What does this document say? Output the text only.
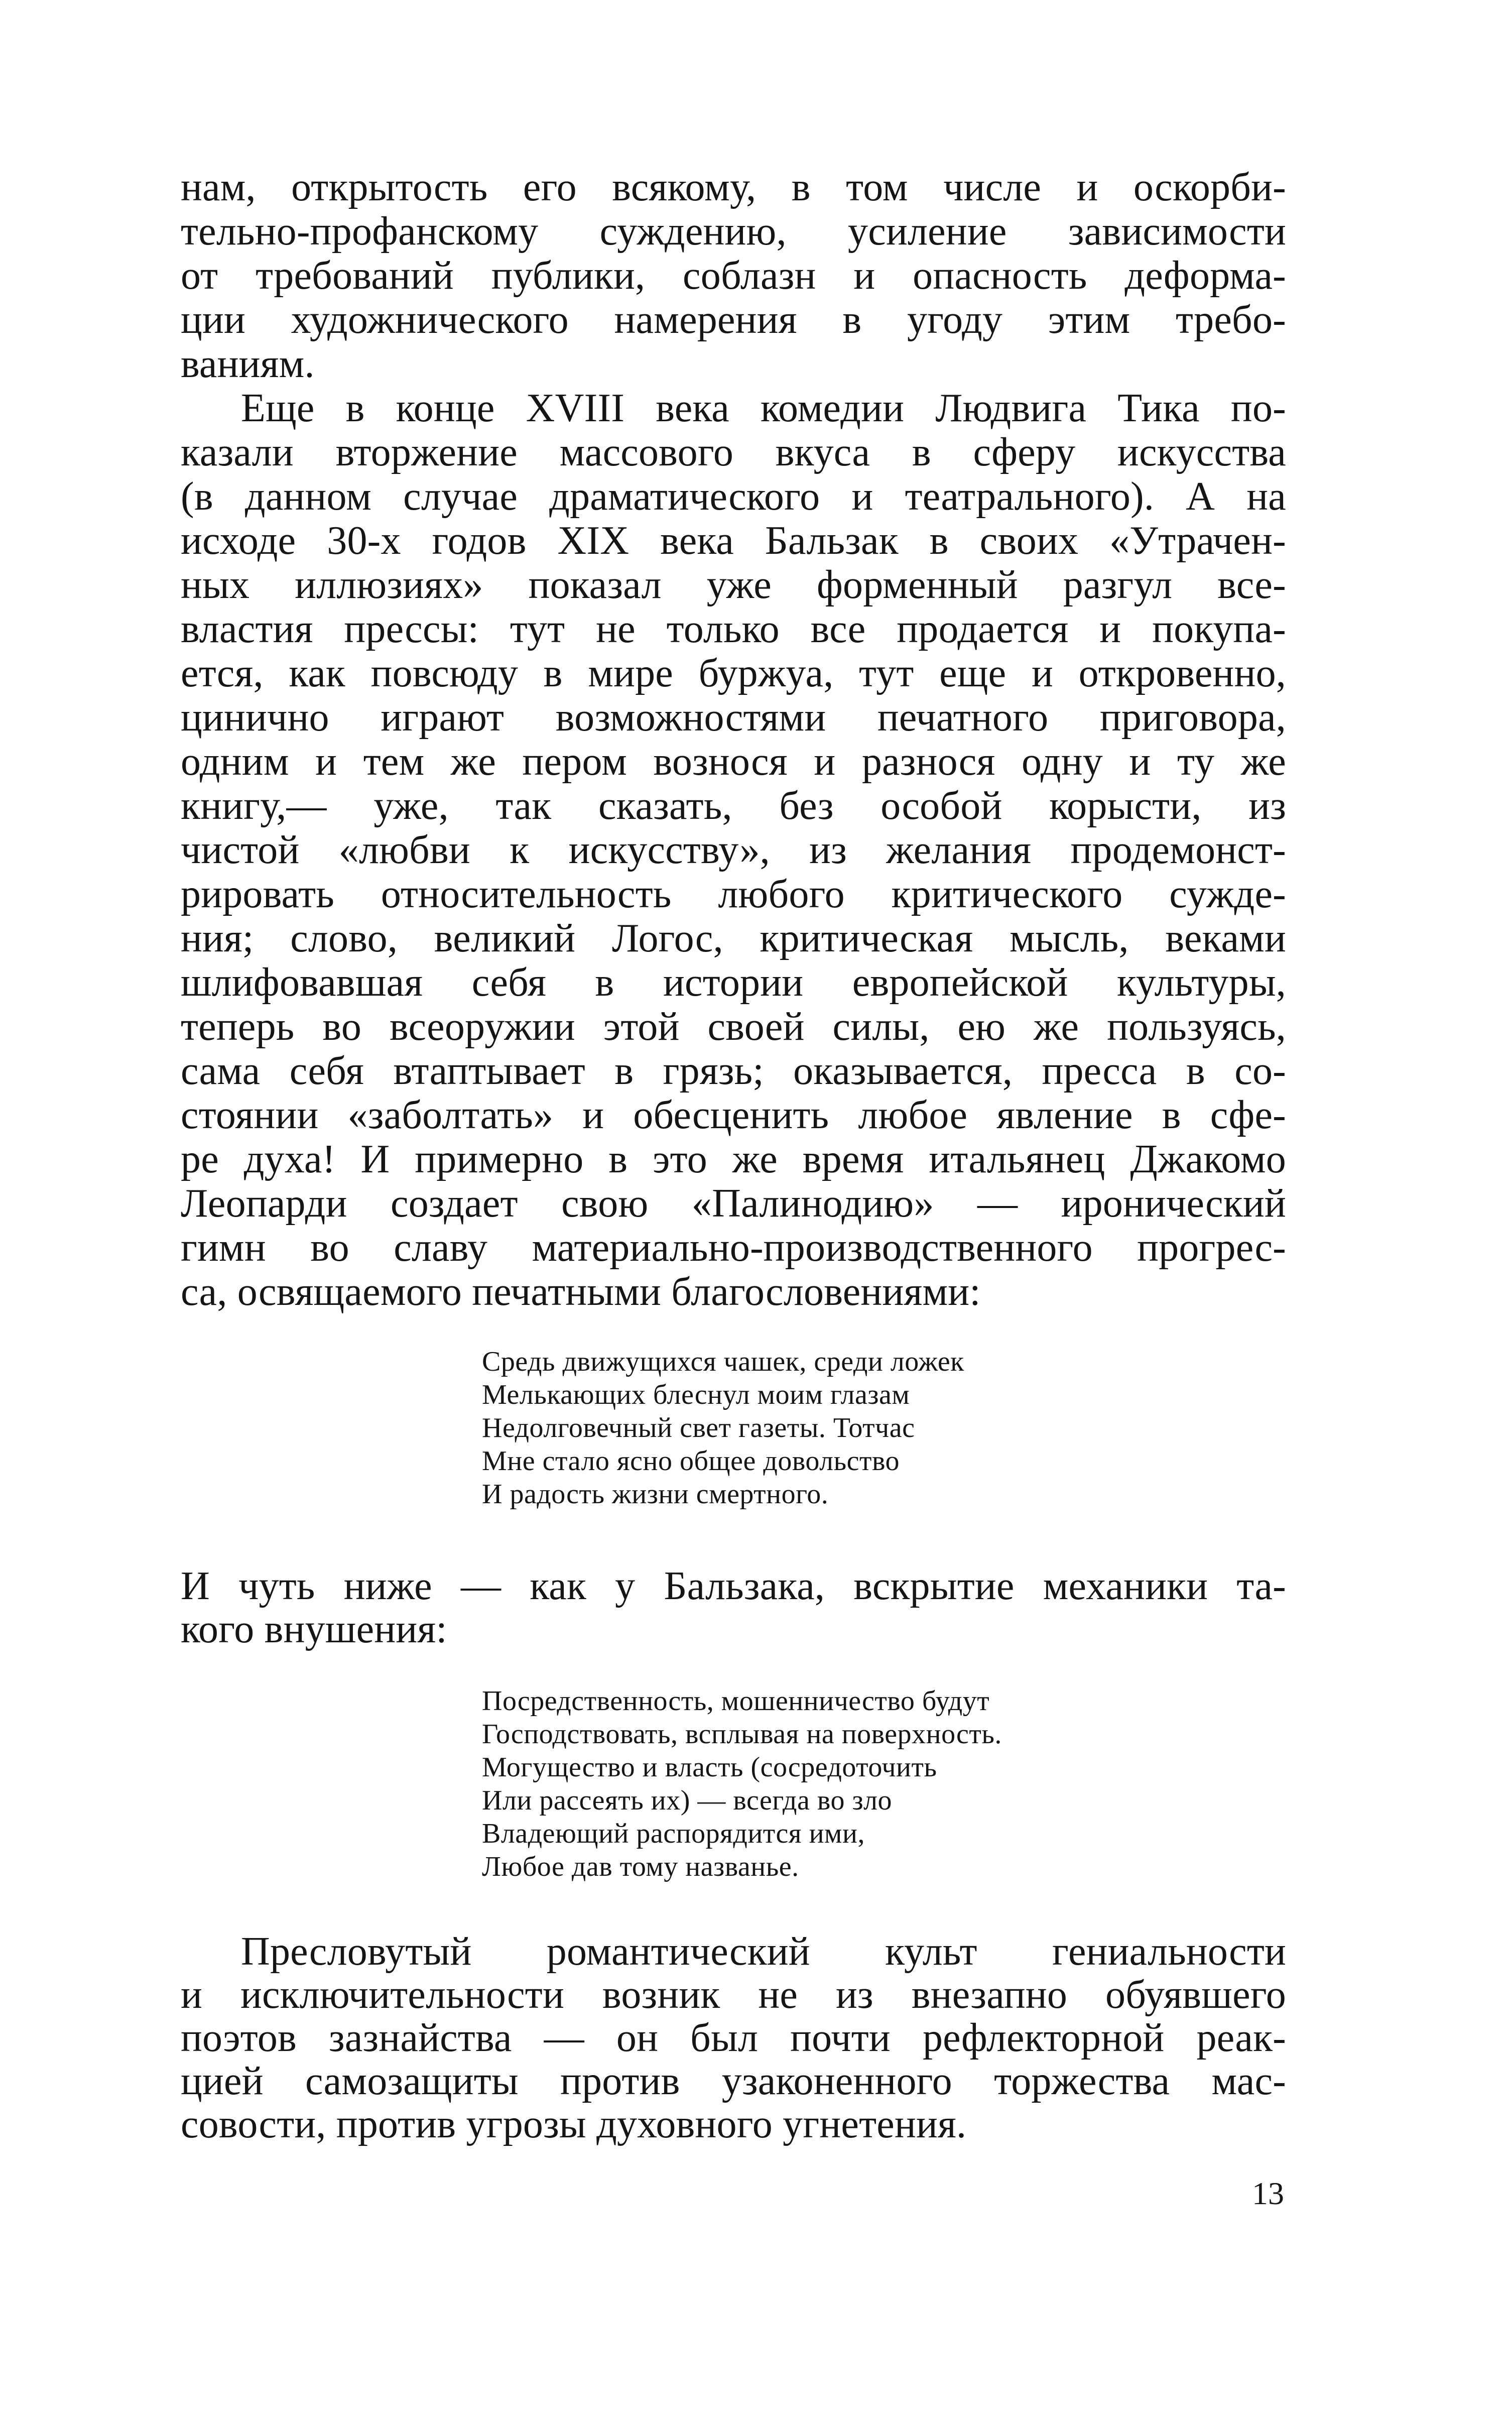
нам, открытость его всякому, в том числе и оскорби-

тельно-профанскому суждению, усиление зависимости

от требований публики, соблазн и опасность деформа-

ции художнического намерения в угоду этим требо-

ваниям.

Еще в конце XVIII века комедии Людвига Тика по-

казали вторжение массового вкуса в сферу искусства

(в данном случае драматического и театрального). А на

исходе 30-х годов XIX века Бальзак в своих «Утрачен-

ных иллюзиях» показал уже форменный разгул все-

властия прессы: тут не только все продается и покупа-

ется, как повсюду в мире буржуа, тут еще и откровенно,

цинично играют возможностями печатного приговора,

одним и тем же пером вознося и разнося одну и ту же

книгу,— уже, так сказать, без особой корысти, из

чистой «любви к искусству», из желания продемонст-

рировать относительность любого критического сужде-

ния; слово, великий Логос, критическая мысль, веками

шлифовавшая себя в истории европейской культуры,

теперь во всеоружии этой своей силы, ею же пользуясь,

сама себя втаптывает в грязь; оказывается, пресса в со-

стоянии «заболтать» и обесценить любое явление в сфе-

ре духа! И примерно в это же время итальянец Джакомо

Леопарди создает свою «Палинодию» — иронический

гимн во славу материально-производственного прогрес-

са, освящаемого печатными благословениями:

Средь движущихся чашек, среди ложек

Мелькающих блеснул моим глазам

Недолговечный свет газеты. Тотчас

Мне стало ясно общее довольство

И радость жизни смертного.

И чуть ниже — как у Бальзака, вскрытие механики та-

кого внушения:

Посредственность, мошенничество будут

Господствовать, всплывая на поверхность.

Могущество и власть (сосредоточить

Или рассеять их) — всегда во зло

Владеющий распорядится ими,

Любое дав тому названье.

Пресловутый романтический культ гениальности

и исключительности возник не из внезапно обуявшего

поэтов зазнайства — он был почти рефлекторной реак-

цией самозащиты против узаконенного торжества мас-

совости, против угрозы духовного угнетения.

13
